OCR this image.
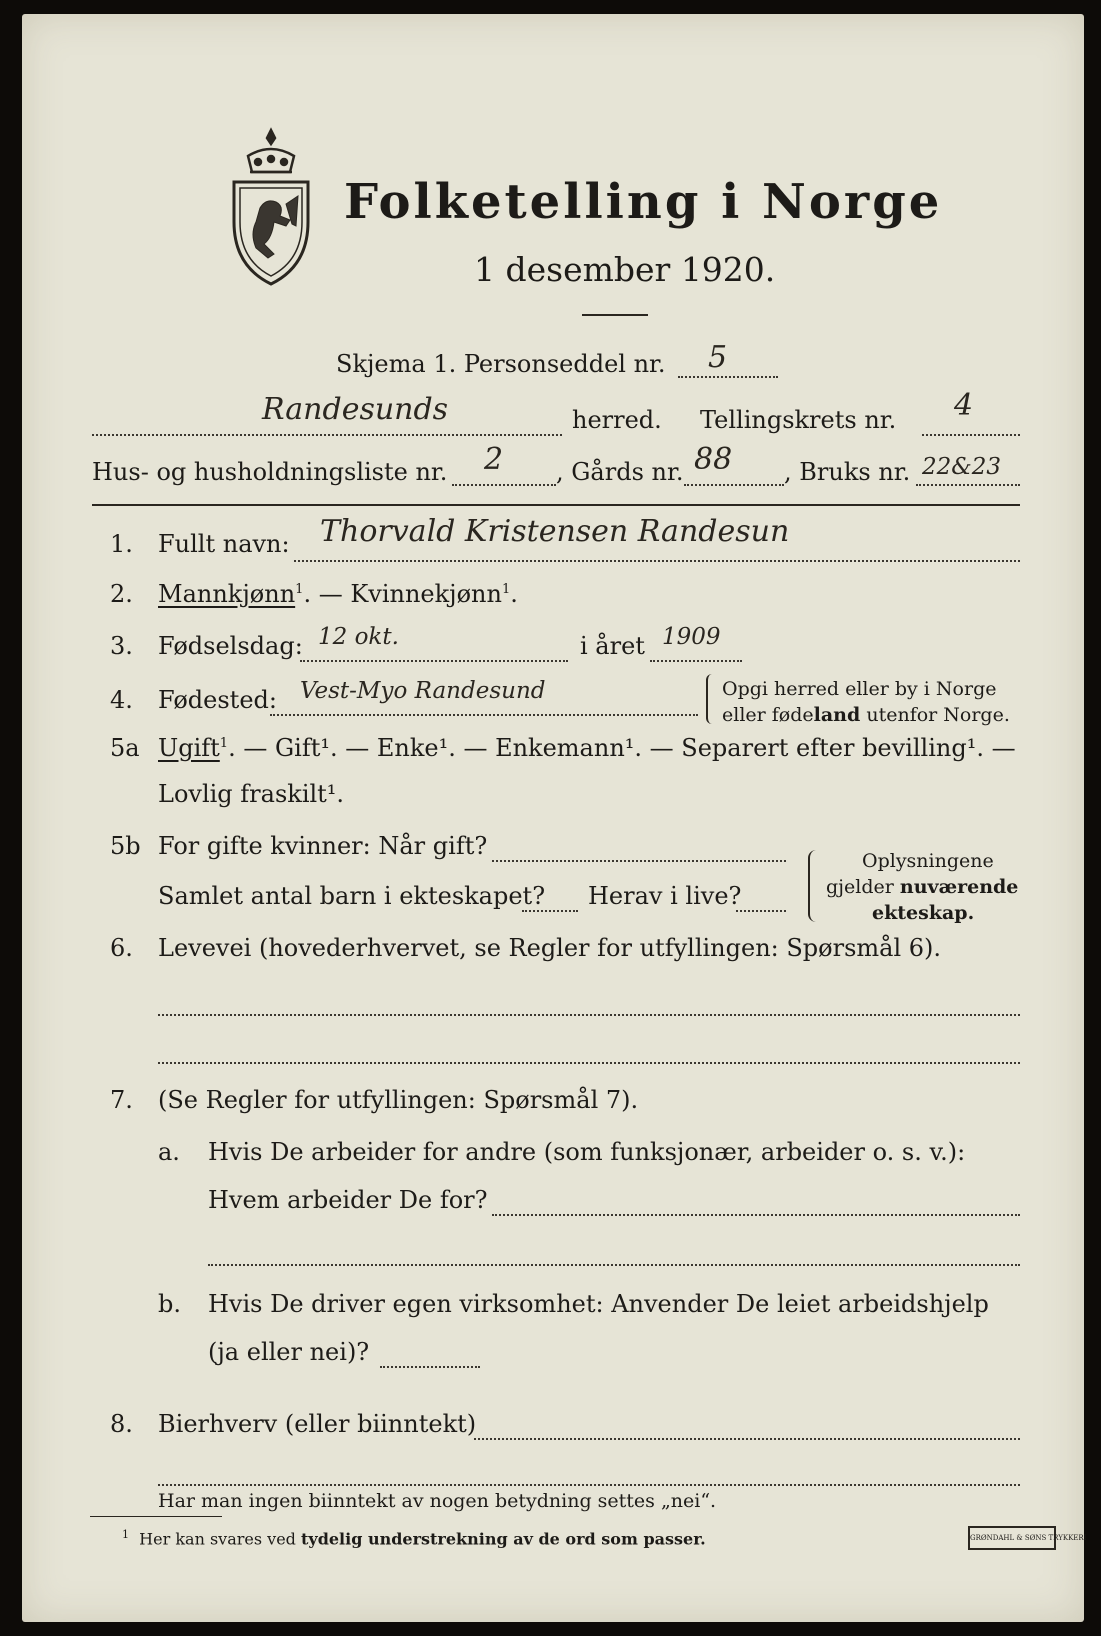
Folketelling i Norge
1 desember 1920.
Skjema 1. Personseddel nr. 5
Randesunds	herred. Tellingskrets nr. 4
Hus- og husholdningsliste nr. 2 , Gårds nr. 88 , Bruks nr. 22&23
1. Fullt navn: Thorvald Kristensen Randesun
2. Mannkjønn$^1$. — Kvinnekjønn$^1$.
3. Fødselsdag: 12 okt.	i året 1909
4. Fødested: Vest-Myo Randesund	Opgi herred eller by i Norge
eller fødeland utenfor Norge.
5a Ugift$^1$. — Gift¹. — Enke¹. — Enkemann¹. — Separert efter bevilling¹. —
Lovlig fraskilt¹.
5b For gifte kvinner: Når gift?
Samlet antal barn i ekteskapet? Herav i live?
Oplysningene
gjelder nuværende
ekteskap.
6. Levevei (hovederhvervet, se Regler for utfyllingen: Spørsmål 6).
7. (Se Regler for utfyllingen: Spørsmål 7).
a. Hvis De arbeider for andre (som funksjonær, arbeider o. s. v.):
Hvem arbeider De for?
b. Hvis De driver egen virksomhet: Anvender De leiet arbeidshjelp
(ja eller nei)?
8. Bierhverv (eller biinntekt)
Har man ingen biinntekt av nogen betydning settes „nei“.
$^1$ Her kan svares ved tydelig understrekning av de ord som passer.	GRØNDAHL & SØNS TRYKKERI
